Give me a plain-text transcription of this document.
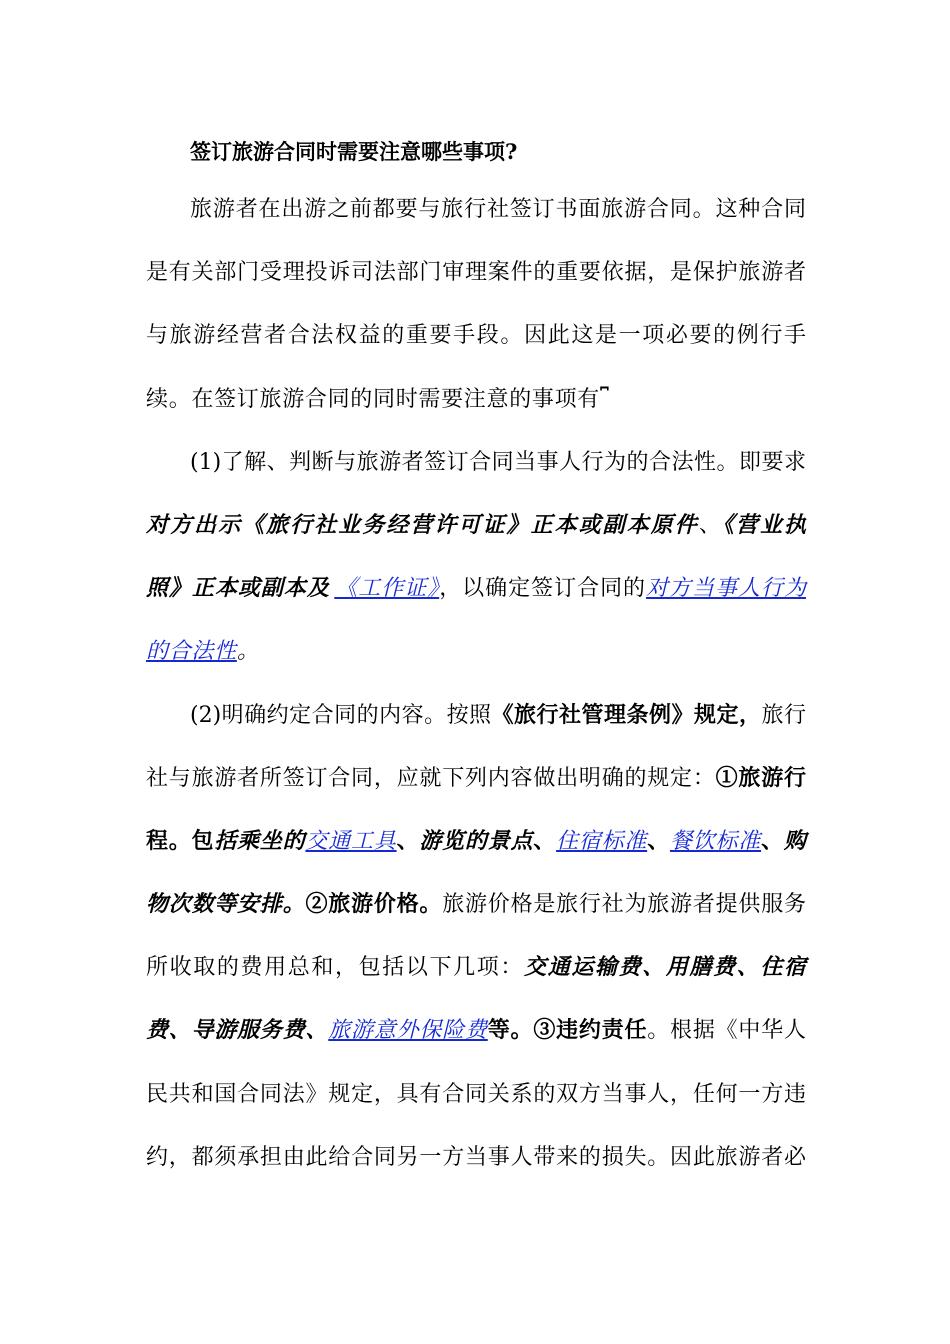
签订旅游合同时需要注意哪些事项?
旅游者在出游之前都要与旅行社签订书面旅游合同。这种合同
是有关部门受理投诉司法部门审理案件的重要依据，是保护旅游者
与旅游经营者合法权益的重要手段。因此这是一项必要的例行手
续。在签订旅游合同的同时需要注意的事项有⎴
(1)了解、判断与旅游者签订合同当事人行为的合法性。即要求
对方出示《旅行社业务经营许可证》正本或副本原件、《营业执
照》正本或副本及  《工作证》，以确定签订合同的对方当事人行为
的合法性。
(2)明确约定合同的内容。按照《旅行社管理条例》规定，旅行
社与旅游者所签订合同，应就下列内容做出明确的规定：①旅游行
程。包括乘坐的交通工具、游览的景点、住宿标准、餐饮标准、购
物次数等安排。②旅游价格。旅游价格是旅行社为旅游者提供服务
所收取的费用总和，包括以下几项：交通运输费、用膳费、住宿
费、导游服务费、旅游意外保险费等。③违约责任。根据《中华人
民共和国合同法》规定，具有合同关系的双方当事人，任何一方违
约，都须承担由此给合同另一方当事人带来的损失。因此旅游者必
